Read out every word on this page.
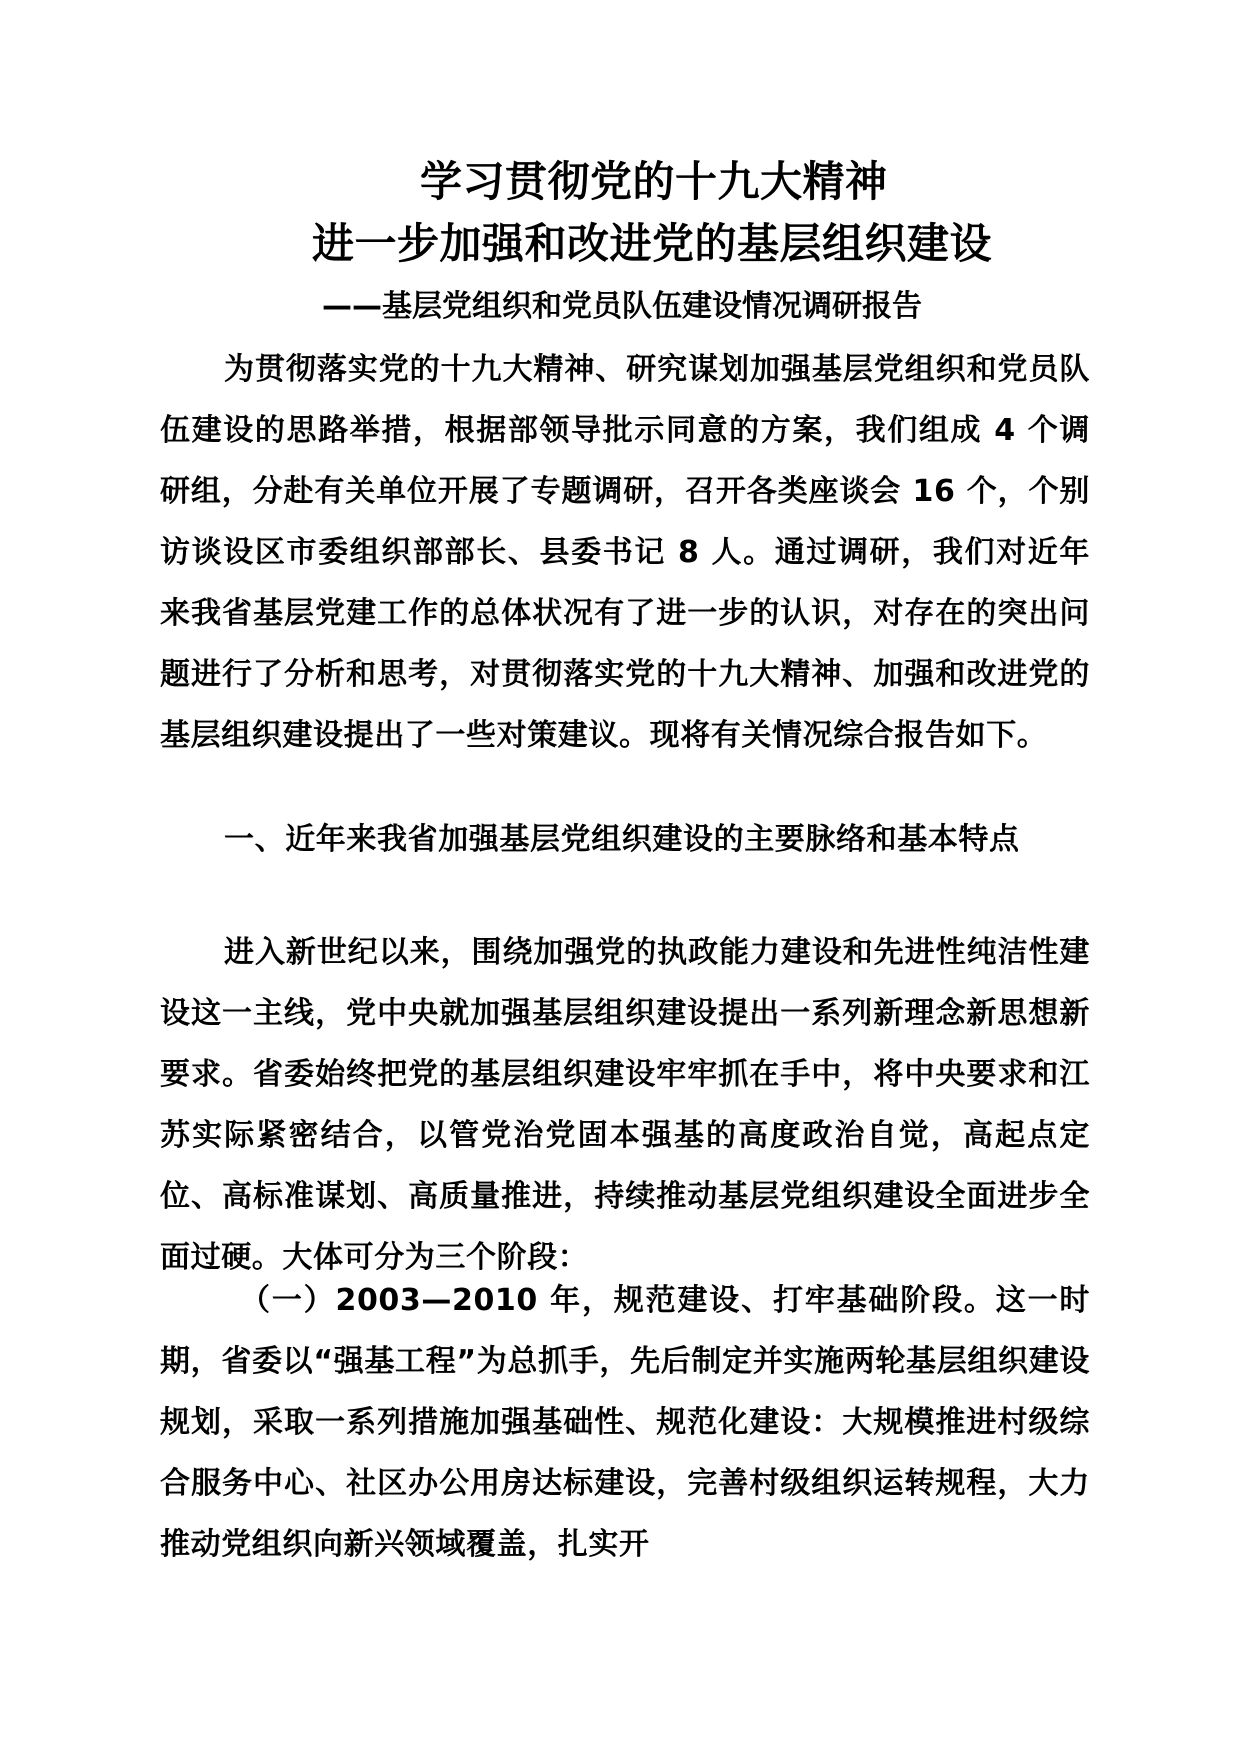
学习贯彻党的十九大精神
进一步加强和改进党的基层组织建设
——基层党组织和党员队伍建设情况调研报告

为贯彻落实党的十九大精神、研究谋划加强基层党组织和党员队伍建设的思路举措，根据部领导批示同意的方案，我们组成 4 个调研组，分赴有关单位开展了专题调研，召开各类座谈会 16 个，个别访谈设区市委组织部部长、县委书记 8 人。通过调研，我们对近年来我省基层党建工作的总体状况有了进一步的认识，对存在的突出问题进行了分析和思考，对贯彻落实党的十九大精神、加强和改进党的基层组织建设提出了一些对策建议。现将有关情况综合报告如下。

一、近年来我省加强基层党组织建设的主要脉络和基本特点

进入新世纪以来，围绕加强党的执政能力建设和先进性纯洁性建设这一主线，党中央就加强基层组织建设提出一系列新理念新思想新要求。省委始终把党的基层组织建设牢牢抓在手中，将中央要求和江苏实际紧密结合，以管党治党固本强基的高度政治自觉，高起点定位、高标准谋划、高质量推进，持续推动基层党组织建设全面进步全面过硬。大体可分为三个阶段：

（一）2003—2010 年，规范建设、打牢基础阶段。这一时期，省委以“强基工程”为总抓手，先后制定并实施两轮基层组织建设规划，采取一系列措施加强基础性、规范化建设：大规模推进村级综合服务中心、社区办公用房达标建设，完善村级组织运转规程，大力推动党组织向新兴领域覆盖，扎实开
